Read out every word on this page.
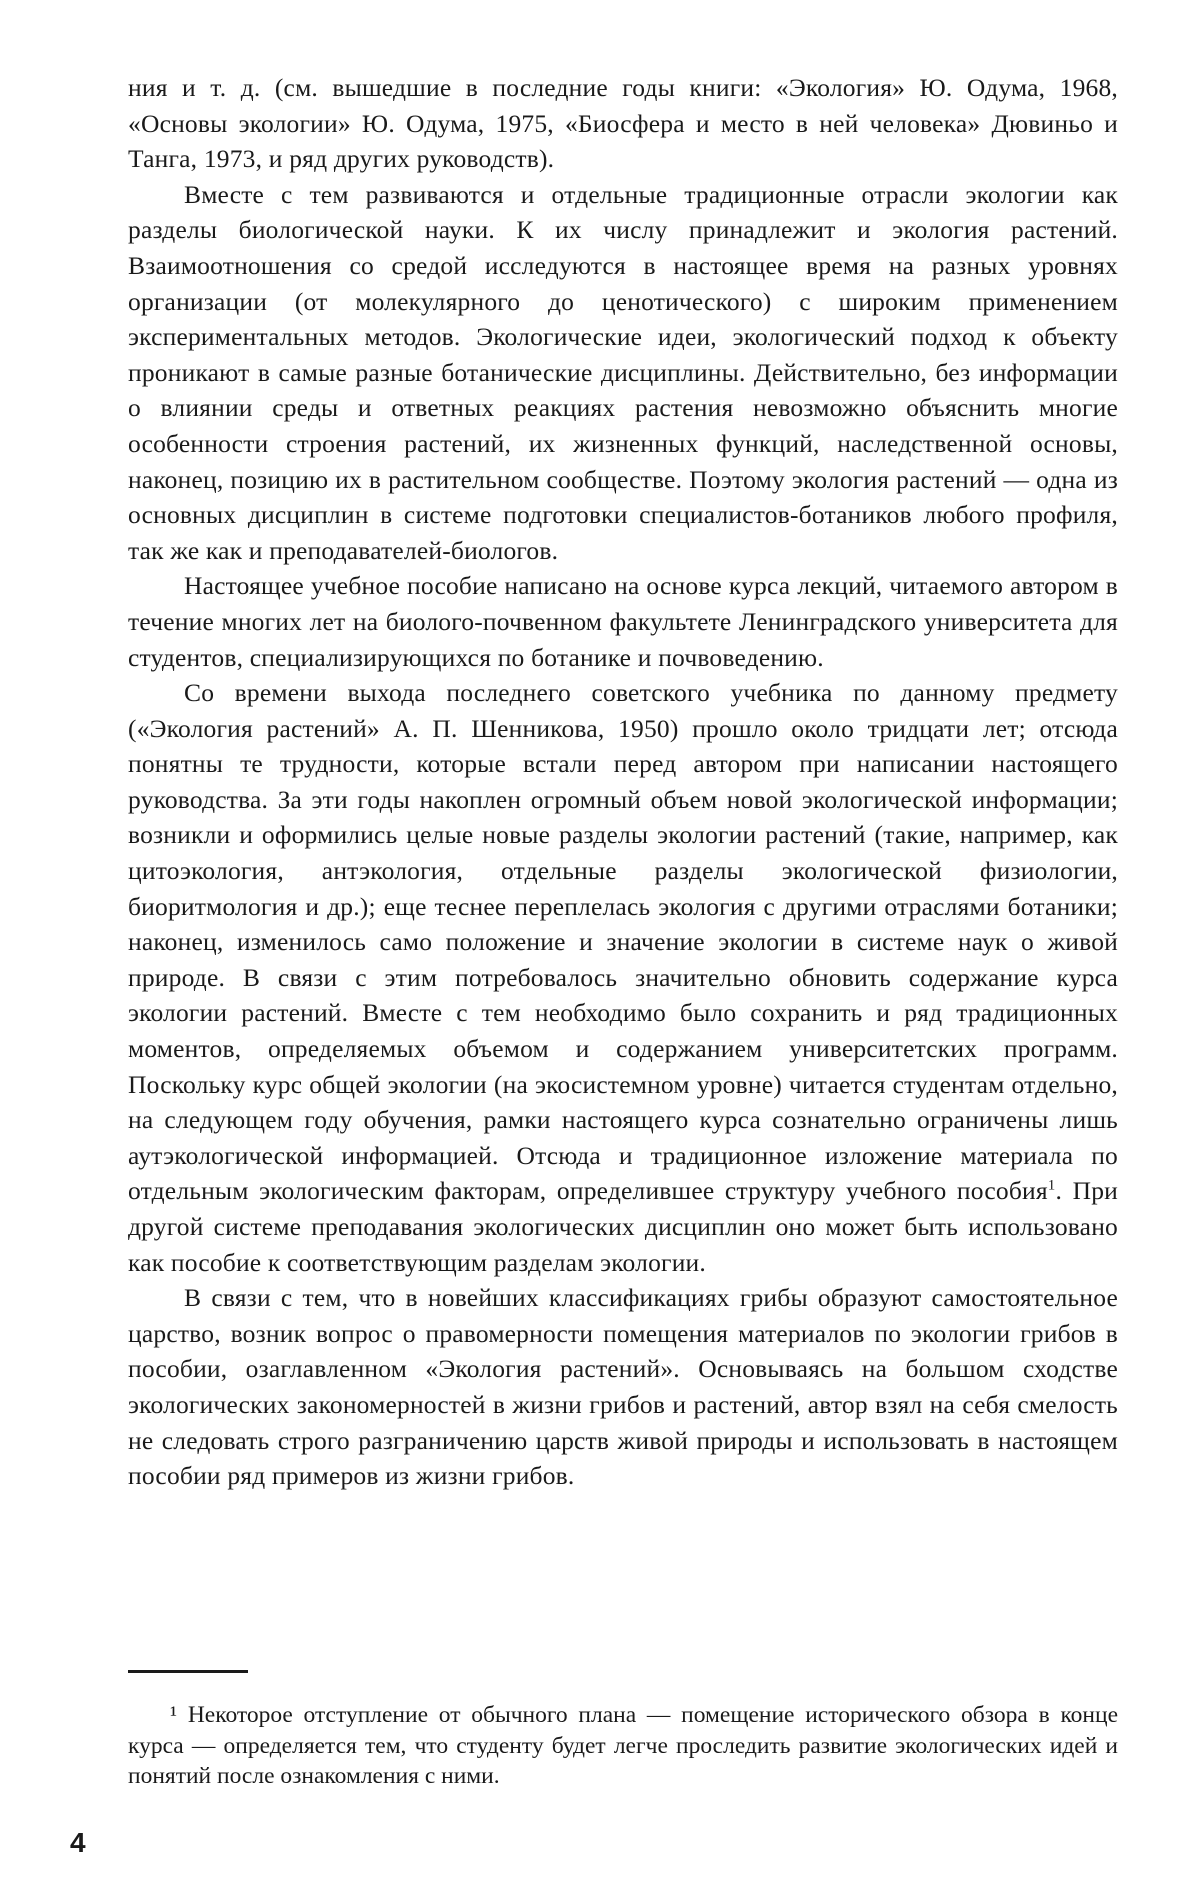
ния и т. д. (см. вышедшие в последние годы книги: «Экология» Ю. Одума, 1968, «Основы экологии» Ю. Одума, 1975, «Биосфера и место в ней человека» Дювиньо и Танга, 1973, и ряд других руководств).

Вместе с тем развиваются и отдельные традиционные отрасли экологии как разделы биологической науки. К их числу принадлежит и экология растений. Взаимоотношения со средой исследуются в настоящее время на разных уровнях организации (от молекулярного до ценотического) с широким применением экспериментальных методов. Экологические идеи, экологический подход к объекту проникают в самые разные ботанические дисциплины. Действительно, без информации о влиянии среды и ответных реакциях растения невозможно объяснить многие особенности строения растений, их жизненных функций, наследственной основы, наконец, позицию их в растительном сообществе. Поэтому экология растений — одна из основных дисциплин в системе подготовки специалистов-ботаников любого профиля, так же как и преподавателей-биологов.

Настоящее учебное пособие написано на основе курса лекций, читаемого автором в течение многих лет на биолого-почвенном факультете Ленинградского университета для студентов, специализирующихся по ботанике и почвоведению.

Со времени выхода последнего советского учебника по данному предмету («Экология растений» А. П. Шенникова, 1950) прошло около тридцати лет; отсюда понятны те трудности, которые встали перед автором при написании настоящего руководства. За эти годы накоплен огромный объем новой экологической информации; возникли и оформились целые новые разделы экологии растений (такие, например, как цитоэкология, антэкология, отдельные разделы экологической физиологии, биоритмология и др.); еще теснее переплелась экология с другими отраслями ботаники; наконец, изменилось само положение и значение экологии в системе наук о живой природе. В связи с этим потребовалось значительно обновить содержание курса экологии растений. Вместе с тем необходимо было сохранить и ряд традиционных моментов, определяемых объемом и содержанием университетских программ. Поскольку курс общей экологии (на экосистемном уровне) читается студентам отдельно, на следующем году обучения, рамки настоящего курса сознательно ограничены лишь аутэкологической информацией. Отсюда и традиционное изложение материала по отдельным экологическим факторам, определившее структуру учебного пособия$^1$. При другой системе преподавания экологических дисциплин оно может быть использовано как пособие к соответствующим разделам экологии.

В связи с тем, что в новейших классификациях грибы образуют самостоятельное царство, возник вопрос о правомерности помещения материалов по экологии грибов в пособии, озаглавленном «Экология растений». Основываясь на большом сходстве экологических закономерностей в жизни грибов и растений, автор взял на себя смелость не следовать строго разграничению царств живой природы и использовать в настоящем пособии ряд примеров из жизни грибов.

¹ Некоторое отступление от обычного плана — помещение исторического обзора в конце курса — определяется тем, что студенту будет легче проследить развитие экологических идей и понятий после ознакомления с ними.

4
